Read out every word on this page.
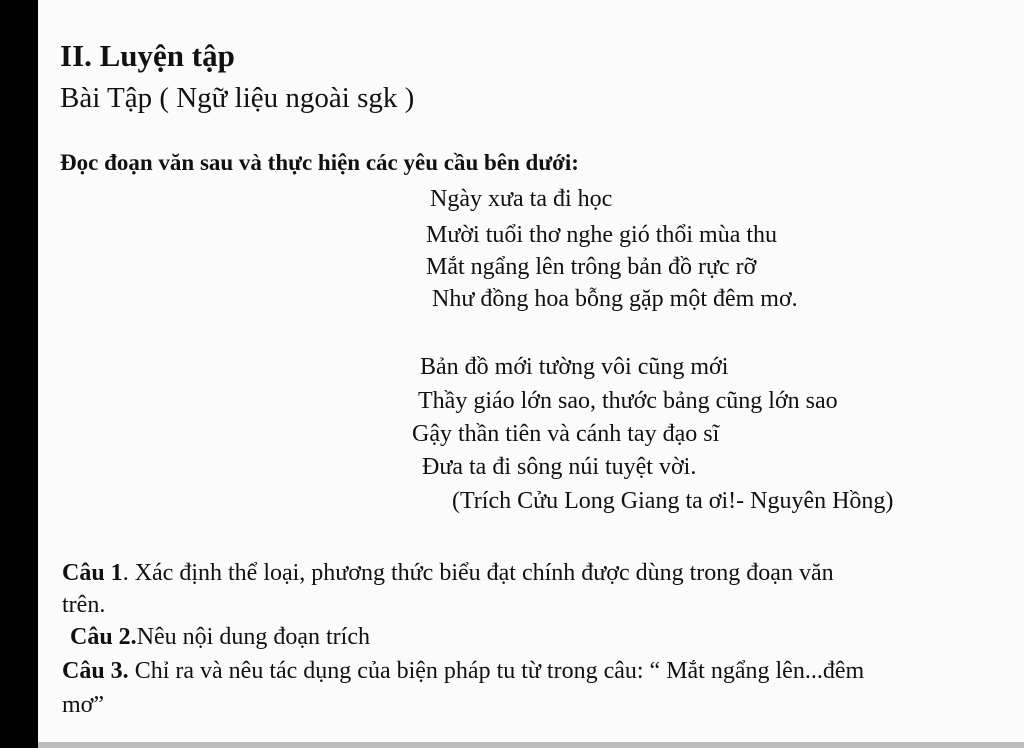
II. Luyện tập
Bài Tập ( Ngữ liệu ngoài sgk )
Đọc đoạn văn sau và thực hiện các yêu cầu bên dưới:
Ngày xưa ta đi học
Mười tuổi thơ nghe gió thổi mùa thu
Mắt ngẩng lên trông bản đồ rực rỡ
Như đồng hoa bỗng gặp một đêm mơ.
Bản đồ mới tường vôi cũng mới
Thầy giáo lớn sao, thước bảng cũng lớn sao
Gậy thần tiên và cánh tay đạo sĩ
Đưa ta đi sông núi tuyệt vời.
(Trích Cửu Long Giang ta ơi!- Nguyên Hồng)
Câu 1. Xác định thể loại, phương thức biểu đạt chính được dùng trong đoạn văn
trên.
Câu 2.Nêu nội dung đoạn trích
Câu 3. Chỉ ra và nêu tác dụng của biện pháp tu từ trong câu: “ Mắt ngẩng lên...đêm
mơ”
